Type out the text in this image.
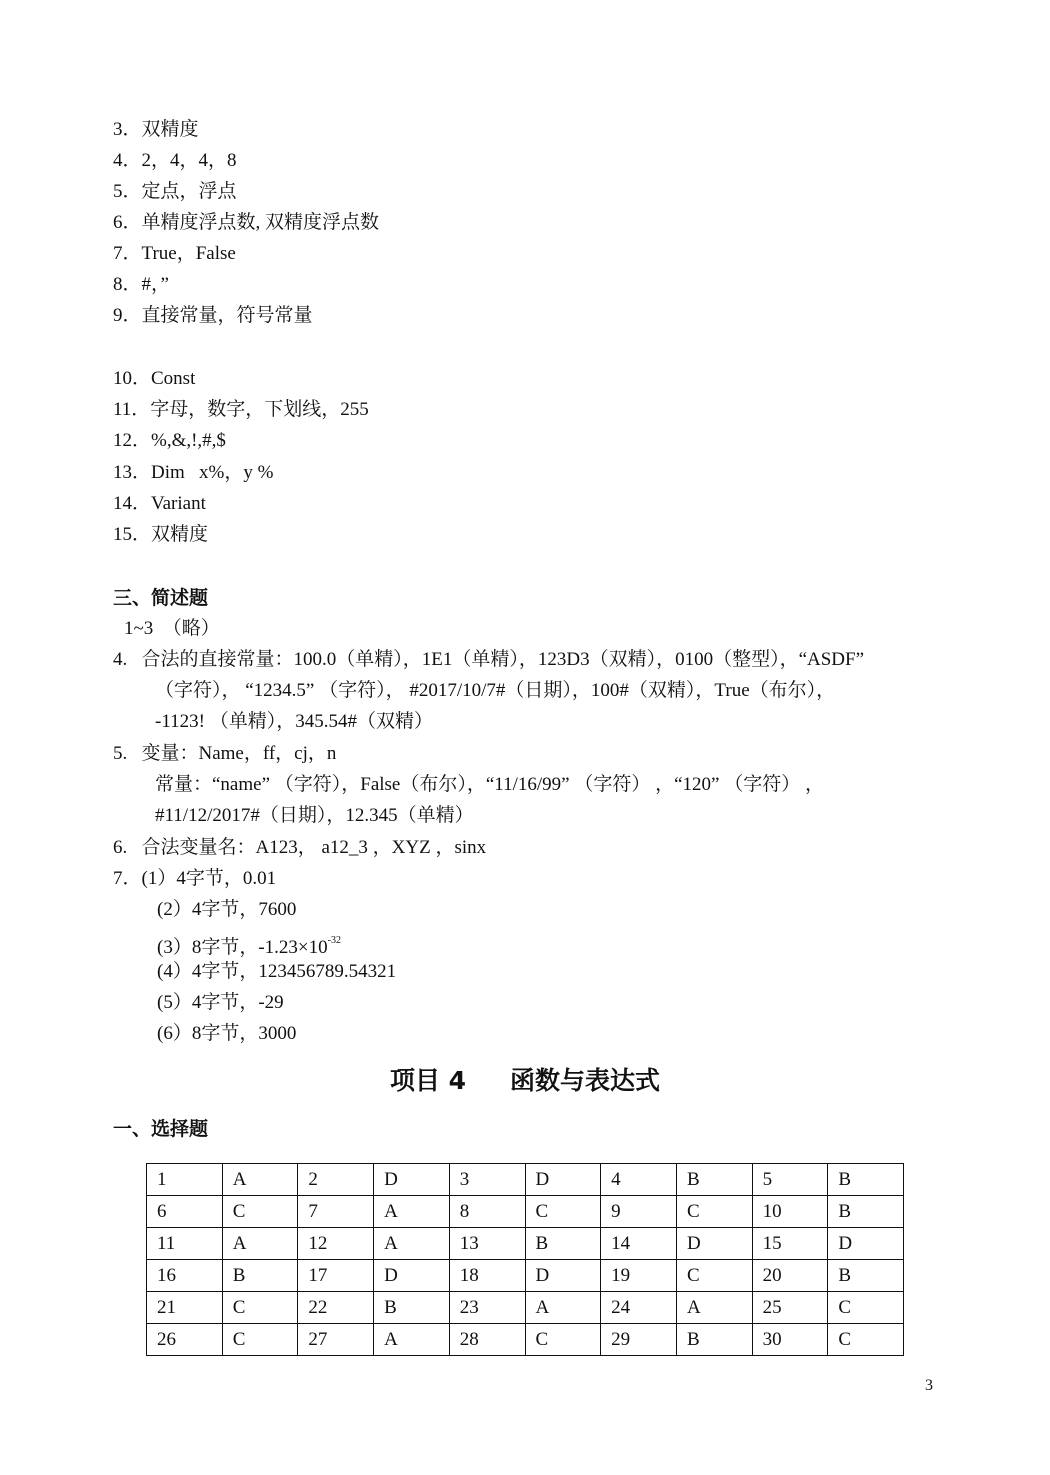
3．双精度
4．2，4，4，8
5．定点，浮点
6．单精度浮点数, 双精度浮点数
7．True，False
8．#，”
9．直接常量，符号常量
10．Const
11．字母，数字，下划线，255
12．%,&,!,#,$
13．Dim   x%，y %
14．Variant
15．双精度
三、简述题
1~3  （略）
4.   合法的直接常量：100.0（单精），1E1（单精），123D3（双精），0100（整型），“ASDF”
（字符）， “1234.5” （字符）， #2017/10/7#（日期），100#（双精），True（布尔），
-1123! （单精），345.54#（双精）
5.   变量：Name，ff，cj，n
常量：“name” （字符），False（布尔），“11/16/99” （字符） ，“120” （字符） ，
#11/12/2017#（日期），12.345（单精）
6.   合法变量名：A123， a12_3 ，XYZ ，sinx
7．(1）4字节，0.01
(2）4字节，7600
(3）8字节，$-1.23\times 10^{-32}$
(4）4字节，123456789.54321
(5）4字节，-29
(6）8字节，3000
项目 4 函数与表达式
一、选择题
1	A	2	D	3	D	4	B	5	B
6	C	7	A	8	C	9	C	10	B
11	A	12	A	13	B	14	D	15	D
16	B	17	D	18	D	19	C	20	B
21	C	22	B	23	A	24	A	25	C
26	C	27	A	28	C	29	B	30	C
3
